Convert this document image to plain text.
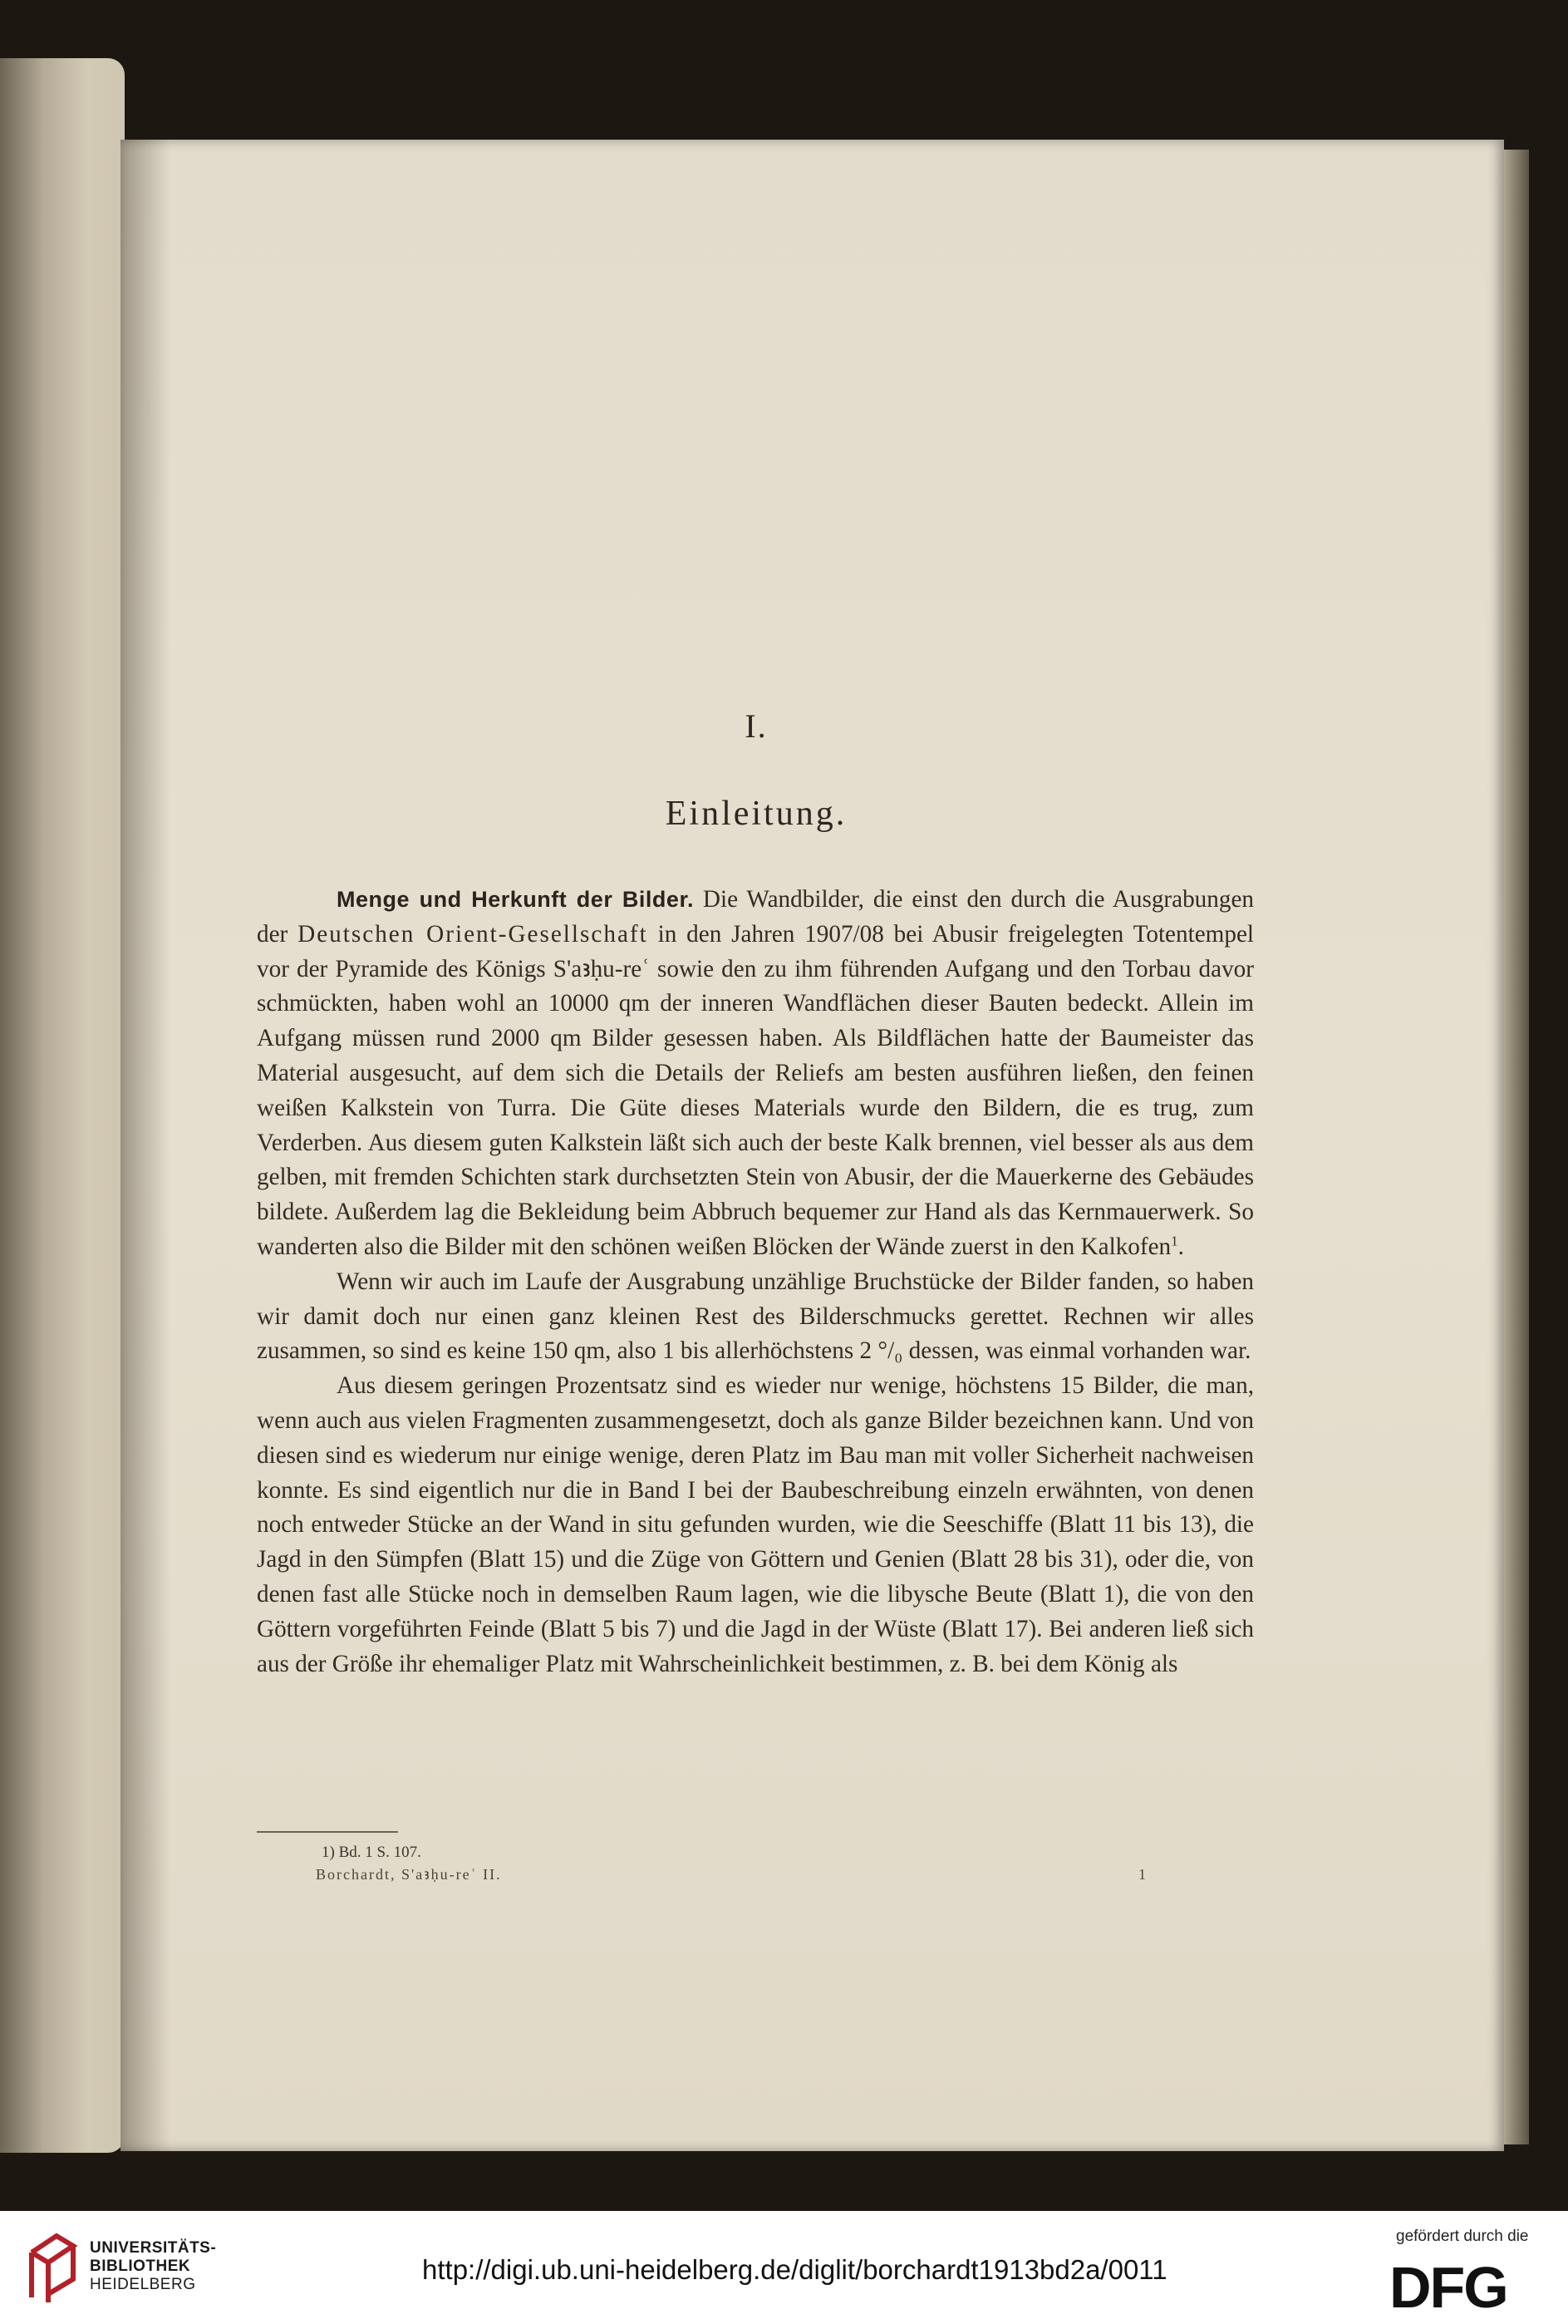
I.
Einleitung.

Menge und Herkunft der Bilder. Die Wandbilder, die einst den durch die Ausgrabungen der Deutschen Orient-Gesellschaft in den Jahren 1907/08 bei Abusir freigelegten Totentempel vor der Pyramide des Königs S'aꜣḥu-reʿ sowie den zu ihm führenden Aufgang und den Torbau davor schmückten, haben wohl an 10000 qm der inneren Wandflächen dieser Bauten bedeckt. Allein im Aufgang müssen rund 2000 qm Bilder gesessen haben. Als Bildflächen hatte der Baumeister das Material ausgesucht, auf dem sich die Details der Reliefs am besten ausführen ließen, den feinen weißen Kalkstein von Turra. Die Güte dieses Materials wurde den Bildern, die es trug, zum Verderben. Aus diesem guten Kalkstein läßt sich auch der beste Kalk brennen, viel besser als aus dem gelben, mit fremden Schichten stark durchsetzten Stein von Abusir, der die Mauerkerne des Gebäudes bildete. Außerdem lag die Bekleidung beim Abbruch bequemer zur Hand als das Kernmauerwerk. So wanderten also die Bilder mit den schönen weißen Blöcken der Wände zuerst in den Kalkofen$^1$.

Wenn wir auch im Laufe der Ausgrabung unzählige Bruchstücke der Bilder fanden, so haben wir damit doch nur einen ganz kleinen Rest des Bilderschmucks gerettet. Rechnen wir alles zusammen, so sind es keine 150 qm, also 1 bis allerhöchstens 2 °/₀ dessen, was einmal vorhanden war.

Aus diesem geringen Prozentsatz sind es wieder nur wenige, höchstens 15 Bilder, die man, wenn auch aus vielen Fragmenten zusammengesetzt, doch als ganze Bilder bezeichnen kann. Und von diesen sind es wiederum nur einige wenige, deren Platz im Bau man mit voller Sicherheit nachweisen konnte. Es sind eigentlich nur die in Band I bei der Baubeschreibung einzeln erwähnten, von denen noch entweder Stücke an der Wand in situ gefunden wurden, wie die Seeschiffe (Blatt 11 bis 13), die Jagd in den Sümpfen (Blatt 15) und die Züge von Göttern und Genien (Blatt 28 bis 31), oder die, von denen fast alle Stücke noch in demselben Raum lagen, wie die libysche Beute (Blatt 1), die von den Göttern vorgeführten Feinde (Blatt 5 bis 7) und die Jagd in der Wüste (Blatt 17). Bei anderen ließ sich aus der Größe ihr ehemaliger Platz mit Wahrscheinlichkeit bestimmen, z. B. bei dem König als

1) Bd. 1 S. 107.
Borchardt, S'aꜣḥu-reʿ II.	1
UNIVERSITÄTS-
BIBLIOTHEK
HEIDELBERG	http://digi.ub.uni-heidelberg.de/diglit/borchardt1913bd2a/0011
gefördert durch die
DFG
